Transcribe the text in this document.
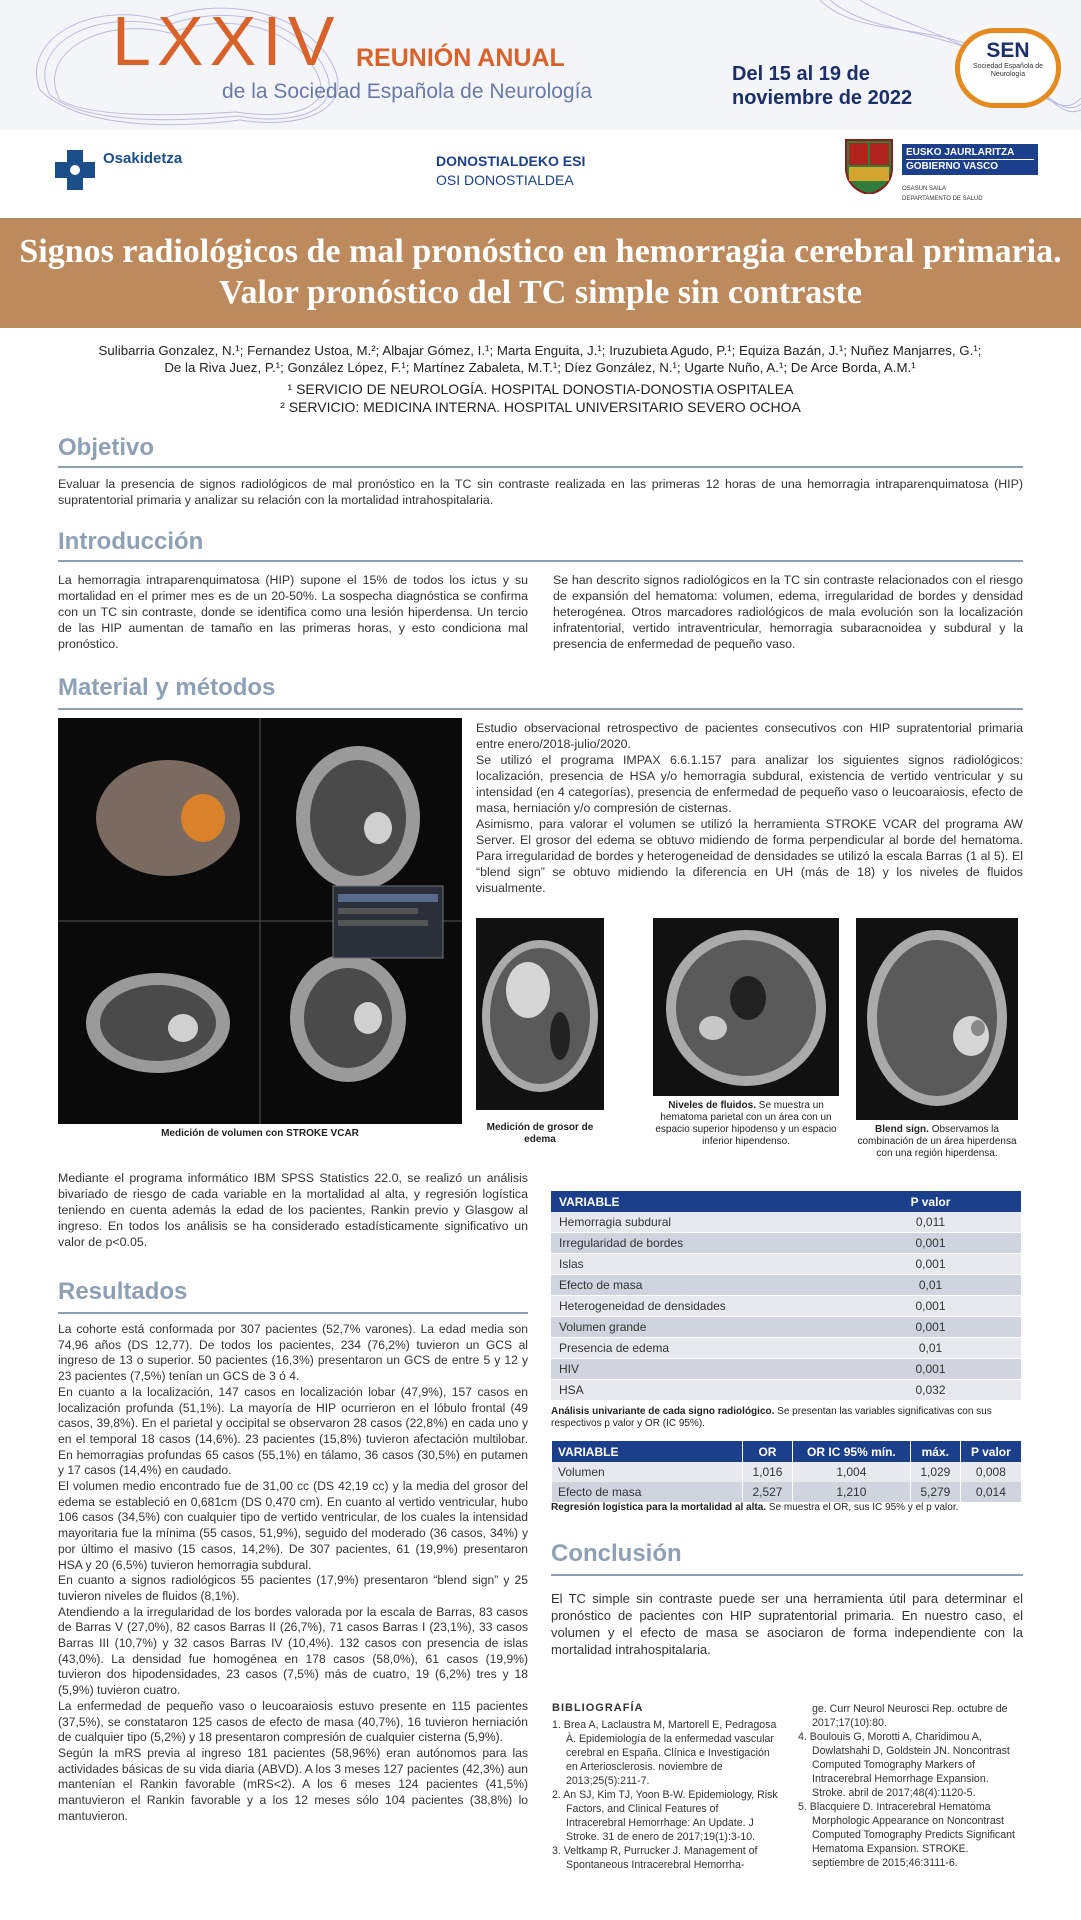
LXXIV REUNIÓN ANUAL
de la Sociedad Española de Neurología
Del 15 al 19 de noviembre de 2022
SEN
Sociedad Española de Neurología
Osakidetza	DONOSTIALDEKO ESI
OSI DONOSTIALDEA
EUSKO JAURLARITZA
GOBIERNO VASCO
OSASUN SAILA
DEPARTAMENTO DE SALUD
Signos radiológicos de mal pronóstico en hemorragia cerebral primaria. Valor pronóstico del TC simple sin contraste
Sulibarria Gonzalez, N.¹; Fernandez Ustoa, M.²; Albajar Gómez, I.¹; Marta Enguita, J.¹; Iruzubieta Agudo, P.¹; Equiza Bazán, J.¹; Nuñez Manjarres, G.¹;
De la Riva Juez, P.¹; González López, F.¹; Martínez Zabaleta, M.T.¹; Díez González, N.¹; Ugarte Nuño, A.¹; De Arce Borda, A.M.¹
¹ SERVICIO DE NEUROLOGÍA. HOSPITAL DONOSTIA-DONOSTIA OSPITALEA
² SERVICIO: MEDICINA INTERNA. HOSPITAL UNIVERSITARIO SEVERO OCHOA
Objetivo

Evaluar la presencia de signos radiológicos de mal pronóstico en la TC sin contraste realizada en las primeras 12 horas de una hemorragia intraparenquimatosa (HIP) supratentorial primaria y analizar su relación con la mortalidad intrahospitalaria.

Introducción

La hemorragia intraparenquimatosa (HIP) supone el 15% de todos los ictus y su mortalidad en el primer mes es de un 20-50%. La sospecha diagnóstica se confirma con un TC sin contraste, donde se identifica como una lesión hiperdensa. Un tercio de las HIP aumentan de tamaño en las primeras horas, y esto condiciona mal pronóstico.

Se han descrito signos radiológicos en la TC sin contraste relacionados con el riesgo de expansión del hematoma: volumen, edema, irregularidad de bordes y densidad heterogénea. Otros marcadores radiológicos de mala evolución son la localización infratentorial, vertido intraventricular, hemorragia subaracnoidea y subdural y la presencia de enfermedad de pequeño vaso.

Material y métodos
Medición de volumen con STROKE VCAR

Estudio observacional retrospectivo de pacientes consecutivos con HIP supratentorial primaria entre enero/2018-julio/2020.
Se utilizó el programa IMPAX 6.6.1.157 para analizar los siguientes signos radiológicos: localización, presencia de HSA y/o hemorragia subdural, existencia de vertido ventricular y su intensidad (en 4 categorías), presencia de enfermedad de pequeño vaso o leucoaraiosis, efecto de masa, herniación y/o compresión de cisternas.
Asimismo, para valorar el volumen se utilizó la herramienta STROKE VCAR del programa AW Server. El grosor del edema se obtuvo midiendo de forma perpendicular al borde del hematoma. Para irregularidad de bordes y heterogeneidad de densidades se utilizó la escala Barras (1 al 5). El “blend sign” se obtuvo midiendo la diferencia en UH (más de 18) y los niveles de fluidos visualmente.

Medición de grosor de edema
Niveles de fluidos. Se muestra un hematoma parietal con un área con un espacio superior hipodenso y un espacio inferior hipendenso.
Blend sign. Observamos la combinación de un área hiperdensa con una región hiperdensa.

Mediante el programa informático IBM SPSS Statistics 22.0, se realizó un análisis bivariado de riesgo de cada variable en la mortalidad al alta, y regresión logística teniendo en cuenta además la edad de los pacientes, Rankin previo y Glasgow al ingreso. En todos los análisis se ha considerado estadísticamente significativo un valor de p<0.05.

VARIABLE	P valor
Hemorragia subdural	0,011
Irregularidad de bordes	0,001
Islas	0,001
Efecto de masa	0,01
Heterogeneidad de densidades	0,001
Volumen grande	0,001
Presencia de edema	0,01
HIV	0,001
HSA	0,032
Análisis univariante de cada signo radiológico. Se presentan las variables significativas con sus respectivos p valor y OR (IC 95%).
VARIABLE	OR	OR IC 95% mín.	máx.	P valor
Volumen	1,016	1,004	1,029	0,008
Efecto de masa	2,527	1,210	5,279	0,014
Regresión logística para la mortalidad al alta. Se muestra el OR, sus IC 95% y el p valor.
Resultados

La cohorte está conformada por 307 pacientes (52,7% varones). La edad media son 74,96 años (DS 12,77). De todos los pacientes, 234 (76,2%) tuvieron un GCS al ingreso de 13 o superior. 50 pacientes (16,3%) presentaron un GCS de entre 5 y 12 y 23 pacientes (7,5%) tenían un GCS de 3 ó 4.
En cuanto a la localización, 147 casos en localización lobar (47,9%), 157 casos en localización profunda (51,1%). La mayoría de HIP ocurrieron en el lóbulo frontal (49 casos, 39,8%). En el parietal y occipital se observaron 28 casos (22,8%) en cada uno y en el temporal 18 casos (14,6%). 23 pacientes (15,8%) tuvieron afectación multilobar. En hemorragias profundas 65 casos (55,1%) en tálamo, 36 casos (30,5%) en putamen y 17 casos (14,4%) en caudado.
El volumen medio encontrado fue de 31,00 cc (DS 42,19 cc) y la media del grosor del edema se estableció en 0,681cm (DS 0,470 cm). En cuanto al vertido ventricular, hubo 106 casos (34,5%) con cualquier tipo de vertido ventricular, de los cuales la intensidad mayoritaria fue la mínima (55 casos, 51,9%), seguido del moderado (36 casos, 34%) y por último el masivo (15 casos, 14,2%). De 307 pacientes, 61 (19,9%) presentaron HSA y 20 (6,5%) tuvieron hemorragia subdural.
En cuanto a signos radiológicos 55 pacientes (17,9%) presentaron “blend sign” y 25 tuvieron niveles de fluidos (8,1%).
Atendiendo a la irregularidad de los bordes valorada por la escala de Barras, 83 casos de Barras V (27,0%), 82 casos Barras II (26,7%), 71 casos Barras I (23,1%), 33 casos Barras III (10,7%) y 32 casos Barras IV (10,4%). 132 casos con presencia de islas (43,0%). La densidad fue homogénea en 178 casos (58,0%), 61 casos (19,9%) tuvieron dos hipodensidades, 23 casos (7,5%) más de cuatro, 19 (6,2%) tres y 18 (5,9%) tuvieron cuatro.
La enfermedad de pequeño vaso o leucoaraiosis estuvo presente en 115 pacientes (37,5%), se constataron 125 casos de efecto de masa (40,7%), 16 tuvieron herniación de cualquier tipo (5,2%) y 18 presentaron compresión de cualquier cisterna (5,9%).
Según la mRS previa al ingreso 181 pacientes (58,96%) eran autónomos para las actividades básicas de su vida diaria (ABVD). A los 3 meses 127 pacientes (42,3%) aun mantenían el Rankin favorable (mRS<2). A los 6 meses 124 pacientes (41,5%) mantuvieron el Rankin favorable y a los 12 meses sólo 104 pacientes (38,8%) lo mantuvieron.

Conclusión

El TC simple sin contraste puede ser una herramienta útil para determinar el pronóstico de pacientes con HIP supratentorial primaria. En nuestro caso, el volumen y el efecto de masa se asociaron de forma independiente con la mortalidad intrahospitalaria.

BIBLIOGRAFÍA
1. Brea A, Laclaustra M, Martorell E, Pedragosa À. Epidemiología de la enfermedad vascular cerebral en España. Clínica e Investigación en Arteriosclerosis. noviembre de 2013;25(5):211-7.
2. An SJ, Kim TJ, Yoon B-W. Epidemiology, Risk Factors, and Clinical Features of Intracerebral Hemorrhage: An Update. J Stroke. 31 de enero de 2017;19(1):3-10.
3. Veltkamp R, Purrucker J. Management of Spontaneous Intracerebral Hemorrha-
ge. Curr Neurol Neurosci Rep. octubre de 2017;17(10):80.
4. Boulouis G, Morotti A, Charidimou A, Dowlatshahi D, Goldstein JN. Noncontrast Computed Tomography Markers of Intracerebral Hemorrhage Expansion. Stroke. abril de 2017;48(4):1120-5.
5. Blacquiere D. Intracerebral Hematoma Morphologic Appearance on Noncontrast Computed Tomography Predicts Significant Hematoma Expansion. STROKE. septiembre de 2015;46:3111-6.
